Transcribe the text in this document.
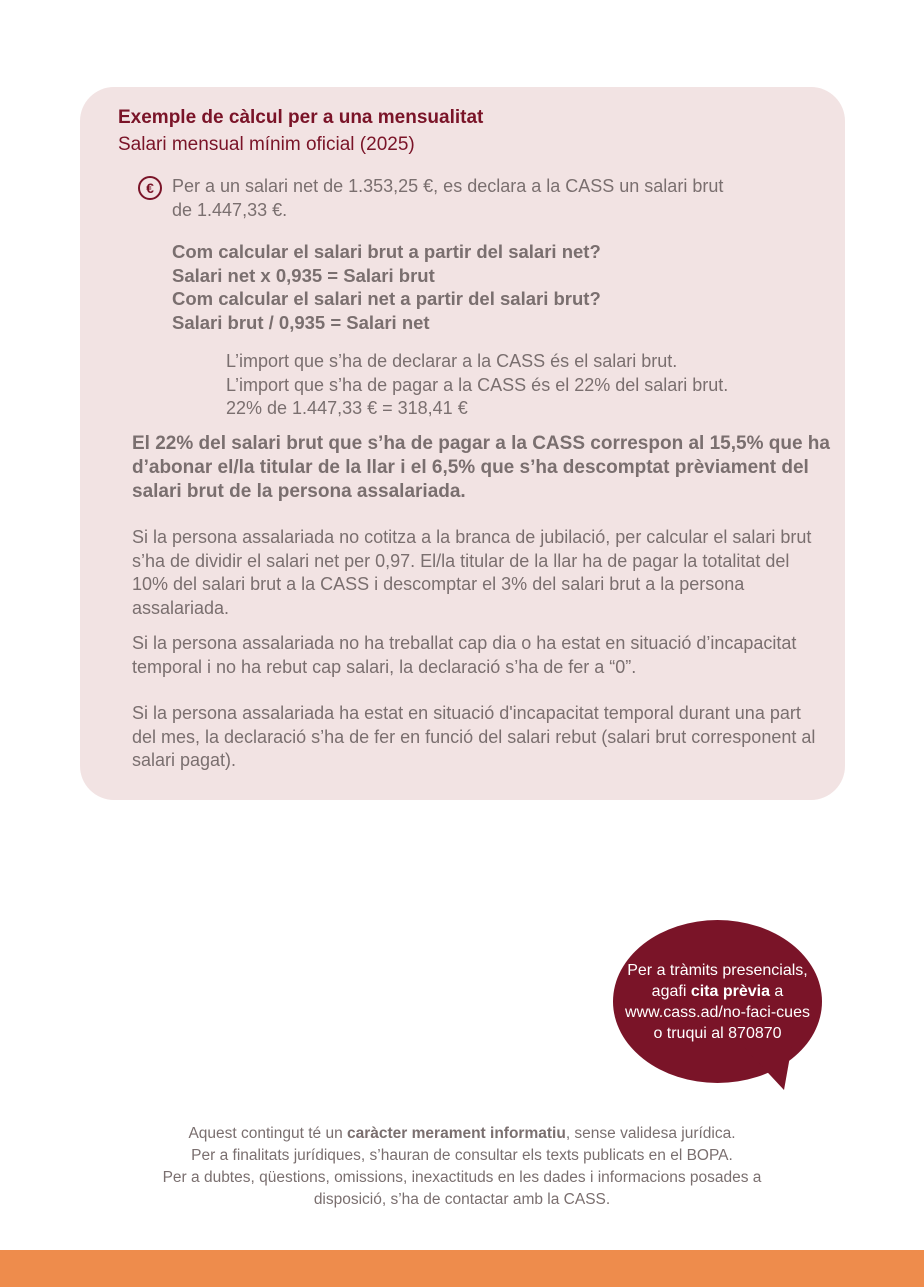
Exemple de càlcul per a una mensualitat
Salari mensual mínim oficial (2025)
€	Per a un salari net de 1.353,25 €, es declara a la CASS un salari brut
de 1.447,33 €.
Com calcular el salari brut a partir del salari net?
Salari net x 0,935 = Salari brut
Com calcular el salari net a partir del salari brut?
Salari brut / 0,935 = Salari net
L’import que s’ha de declarar a la CASS és el salari brut.
L’import que s’ha de pagar a la CASS és el 22% del salari brut.
22% de 1.447,33 € = 318,41 €
El 22% del salari brut que s’ha de pagar a la CASS correspon al 15,5% que ha d’abonar el/la titular de la llar i el 6,5% que s’ha descomptat prèviament del salari brut de la persona assalariada.
Si la persona assalariada no cotitza a la branca de jubilació, per calcular el salari brut s’ha de dividir el salari net per 0,97. El/la titular de la llar ha de pagar la totalitat del 10% del salari brut a la CASS i descomptar el 3% del salari brut a la persona assalariada.
Si la persona assalariada no ha treballat cap dia o ha estat en situació d’incapacitat temporal i no ha rebut cap salari, la declaració s’ha de fer a “0”.
Si la persona assalariada ha estat en situació d'incapacitat temporal durant una part del mes, la declaració s’ha de fer en funció del salari rebut (salari brut corresponent al salari pagat).
Per a tràmits presencials,
agafi cita prèvia a
www.cass.ad/no-faci-cues
o truqui al 870870
Aquest contingut té un caràcter merament informatiu, sense validesa jurídica.
Per a finalitats jurídiques, s’hauran de consultar els texts publicats en el BOPA.
Per a dubtes, qüestions, omissions, inexactituds en les dades i informacions posades a
disposició, s’ha de contactar amb la CASS.
